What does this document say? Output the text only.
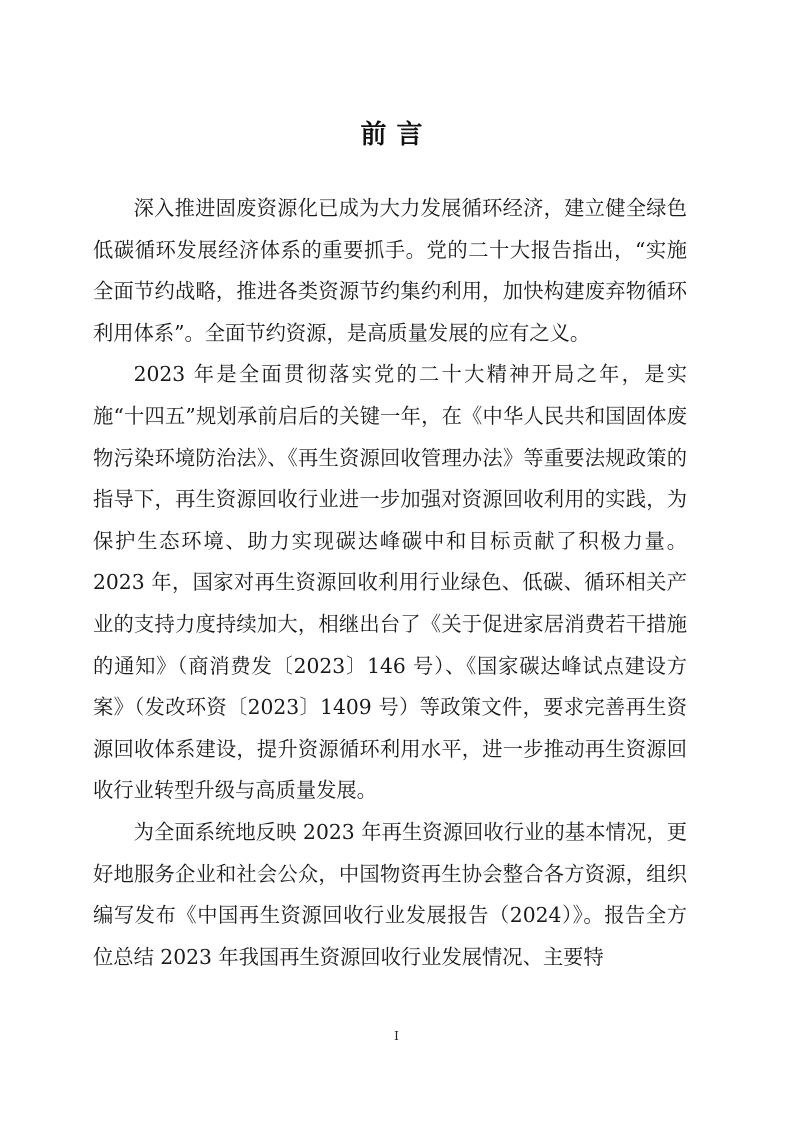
前言

深入推进固废资源化已成为大力发展循环经济，建立健全绿色低碳循环发展经济体系的重要抓手。党的二十大报告指出，“实施全面节约战略，推进各类资源节约集约利用，加快构建废弃物循环利用体系”。全面节约资源，是高质量发展的应有之义。

2023 年是全面贯彻落实党的二十大精神开局之年，是实施“十四五”规划承前启后的关键一年，在《中华人民共和国固体废物污染环境防治法》、《再生资源回收管理办法》等重要法规政策的指导下，再生资源回收行业进一步加强对资源回收利用的实践，为保护生态环境、助力实现碳达峰碳中和目标贡献了积极力量。2023 年，国家对再生资源回收利用行业绿色、低碳、循环相关产业的支持力度持续加大，相继出台了《关于促进家居消费若干措施的通知》（商消费发〔2023〕146 号）、《国家碳达峰试点建设方案》（发改环资〔2023〕1409 号）等政策文件，要求完善再生资源回收体系建设，提升资源循环利用水平，进一步推动再生资源回收行业转型升级与高质量发展。

为全面系统地反映 2023 年再生资源回收行业的基本情况，更好地服务企业和社会公众，中国物资再生协会整合各方资源，组织编写发布《中国再生资源回收行业发展报告（2024）》。报告全方位总结 2023 年我国再生资源回收行业发展情况、主要特

I
